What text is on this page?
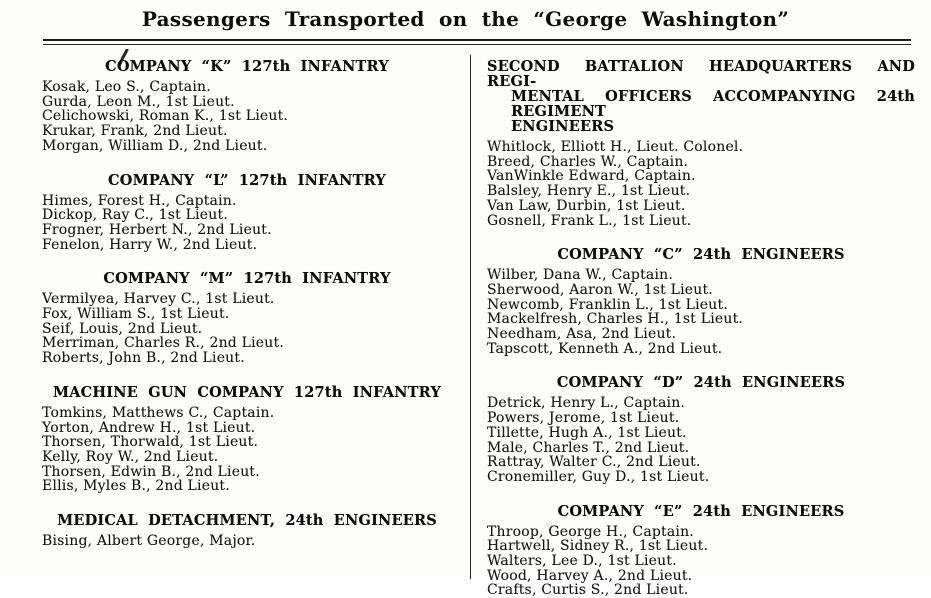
Passengers Transported on the “George Washington”
COMPANY “K” 127th INFANTRY
Kosak, Leo S., Captain.
Gurda, Leon M., 1st Lieut.
Celichowski, Roman K., 1st Lieut.
Krukar, Frank, 2nd Lieut.
Morgan, William D., 2nd Lieut.
COMPANY “L” 127th INFANTRY
Himes, Forest H., Captain.
Dickop, Ray C., 1st Lieut.
Frogner, Herbert N., 2nd Lieut.
Fenelon, Harry W., 2nd Lieut.
COMPANY “M” 127th INFANTRY
Vermilyea, Harvey C., 1st Lieut.
Fox, William S., 1st Lieut.
Seif, Louis, 2nd Lieut.
Merriman, Charles R., 2nd Lieut.
Roberts, John B., 2nd Lieut.
MACHINE GUN COMPANY 127th INFANTRY
Tomkins, Matthews C., Captain.
Yorton, Andrew H., 1st Lieut.
Thorsen, Thorwald, 1st Lieut.
Kelly, Roy W., 2nd Lieut.
Thorsen, Edwin B., 2nd Lieut.
Ellis, Myles B., 2nd Lieut.
MEDICAL DETACHMENT, 24th ENGINEERS
Bising, Albert George, Major.
SECOND BATTALION HEADQUARTERS AND REGI-
MENTAL OFFICERS ACCOMPANYING 24th REGIMENT
ENGINEERS
Whitlock, Elliott H., Lieut. Colonel.
Breed, Charles W., Captain.
VanWinkle Edward, Captain.
Balsley, Henry E., 1st Lieut.
Van Law, Durbin, 1st Lieut.
Gosnell, Frank L., 1st Lieut.
COMPANY “C” 24th ENGINEERS
Wilber, Dana W., Captain.
Sherwood, Aaron W., 1st Lieut.
Newcomb, Franklin L., 1st Lieut.
Mackelfresh, Charles H., 1st Lieut.
Needham, Asa, 2nd Lieut.
Tapscott, Kenneth A., 2nd Lieut.
COMPANY “D” 24th ENGINEERS
Detrick, Henry L., Captain.
Powers, Jerome, 1st Lieut.
Tillette, Hugh A., 1st Lieut.
Male, Charles T., 2nd Lieut.
Rattray, Walter C., 2nd Lieut.
Cronemiller, Guy D., 1st Lieut.
COMPANY “E” 24th ENGINEERS
Throop, George H., Captain.
Hartwell, Sidney R., 1st Lieut.
Walters, Lee D., 1st Lieut.
Wood, Harvey A., 2nd Lieut.
Crafts, Curtis S., 2nd Lieut.
